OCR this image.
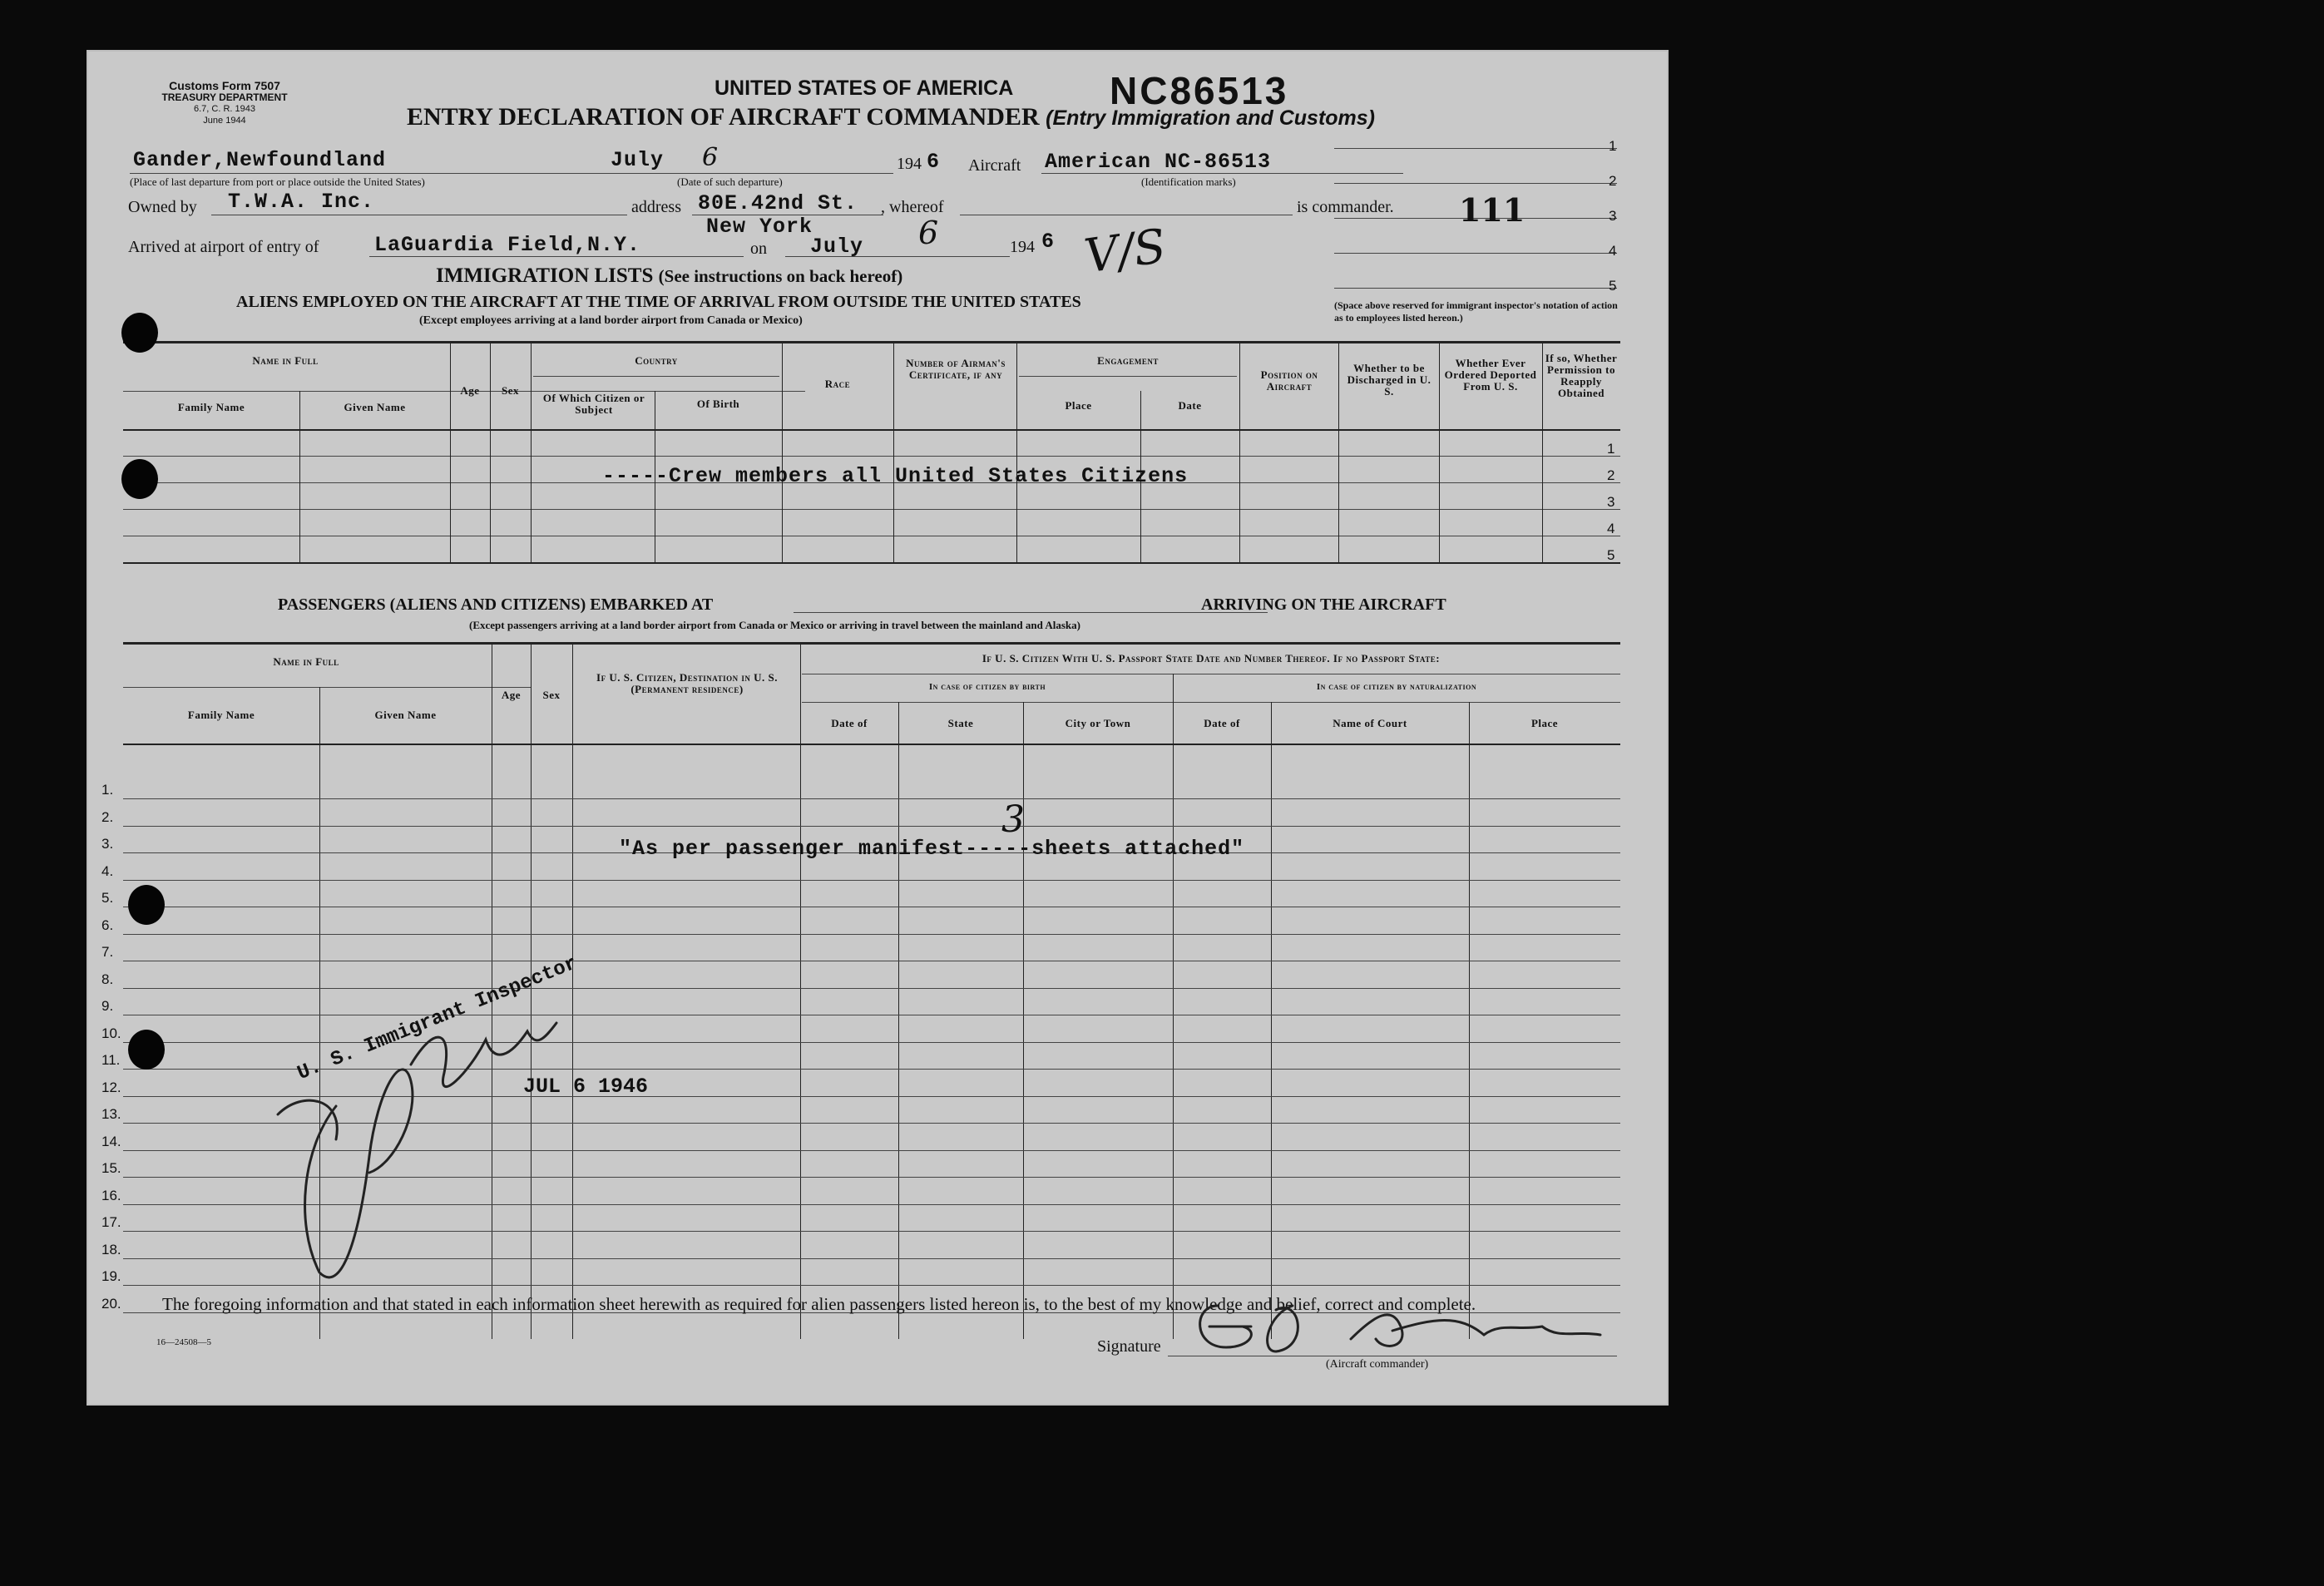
Customs Form 7507
TREASURY DEPARTMENT
6.7, C. R. 1943
June 1944
UNITED STATES OF AMERICA	NC86513
ENTRY DECLARATION OF AIRCRAFT COMMANDER (Entry Immigration and Customs)
Gander,Newfoundland
(Place of last departure from port or place outside the United States)
July 6	194 6
(Date of such departure)
Aircraft American NC-86513
(Identification marks)
Owned by T.W.A. Inc.	address 80E.42nd St.
New York
, whereof	is commander.
Arrived at airport of entry of	LaGuardia Field,N.Y.	on July 6	194 6 V/S
1
2
3
4
5
111
(Space above reserved for immigrant inspector's notation of action as to employees listed hereon.)
IMMIGRATION LISTS (See instructions on back hereof)
ALIENS EMPLOYED ON THE AIRCRAFT AT THE TIME OF ARRIVAL FROM OUTSIDE THE UNITED STATES
(Except employees arriving at a land border airport from Canada or Mexico)
Name in Full
Family Name	Given Name
Age	Sex
Country
Of Which Citizen or Subject	Of Birth
Race
Number of Airman's Certificate, if any
Engagement
Place	Date
Position on Aircraft
Whether to be Discharged in U. S.
Whether Ever Ordered Deported From U. S.
If so, Whether Permission to Reapply Obtained
1
2
3
4
5
-----Crew members all United States Citizens
PASSENGERS (ALIENS AND CITIZENS) EMBARKED AT	ARRIVING ON THE AIRCRAFT
(Except passengers arriving at a land border airport from Canada or Mexico or arriving in travel between the mainland and Alaska)
Name in Full
Family Name	Given Name
Age	Sex
If U. S. Citizen, Destination in U. S. (Permanent residence)
If U. S. Citizen With U. S. Passport State Date and Number Thereof. If no Passport State:
In case of citizen by birth	In case of citizen by naturalization
Date of	State	City or Town	Date of	Name of Court	Place
1.
2.
3.
4.
5.
6.
7.
8.
9.
10.
11.
12.
13.
14.
15.
16.
17.
18.
19.
20.
"As per passenger manifest-----sheets attached"
3
U. S. Immigrant Inspector
JUL 6 1946
The foregoing information and that stated in each information sheet herewith as required for alien passengers listed hereon is, to the best of my knowledge and belief, correct and complete.
16—24508—5	Signature
(Aircraft commander)
